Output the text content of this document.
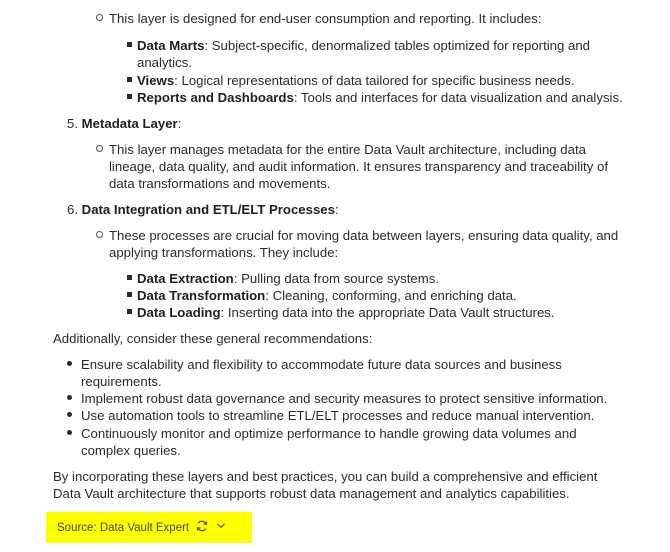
This layer is designed for end-user consumption and reporting. It includes:
Data Marts: Subject-specific, denormalized tables optimized for reporting and
analytics.
Views: Logical representations of data tailored for specific business needs.
Reports and Dashboards: Tools and interfaces for data visualization and analysis.
5. Metadata Layer:
This layer manages metadata for the entire Data Vault architecture, including data
lineage, data quality, and audit information. It ensures transparency and traceability of
data transformations and movements.
6. Data Integration and ETL/ELT Processes:
These processes are crucial for moving data between layers, ensuring data quality, and
applying transformations. They include:
Data Extraction: Pulling data from source systems.
Data Transformation: Cleaning, conforming, and enriching data.
Data Loading: Inserting data into the appropriate Data Vault structures.
Additionally, consider these general recommendations:
Ensure scalability and flexibility to accommodate future data sources and business
requirements.
Implement robust data governance and security measures to protect sensitive information.
Use automation tools to streamline ETL/ELT processes and reduce manual intervention.
Continuously monitor and optimize performance to handle growing data volumes and
complex queries.
By incorporating these layers and best practices, you can build a comprehensive and efficient
Data Vault architecture that supports robust data management and analytics capabilities.
Source: Data Vault Expert
